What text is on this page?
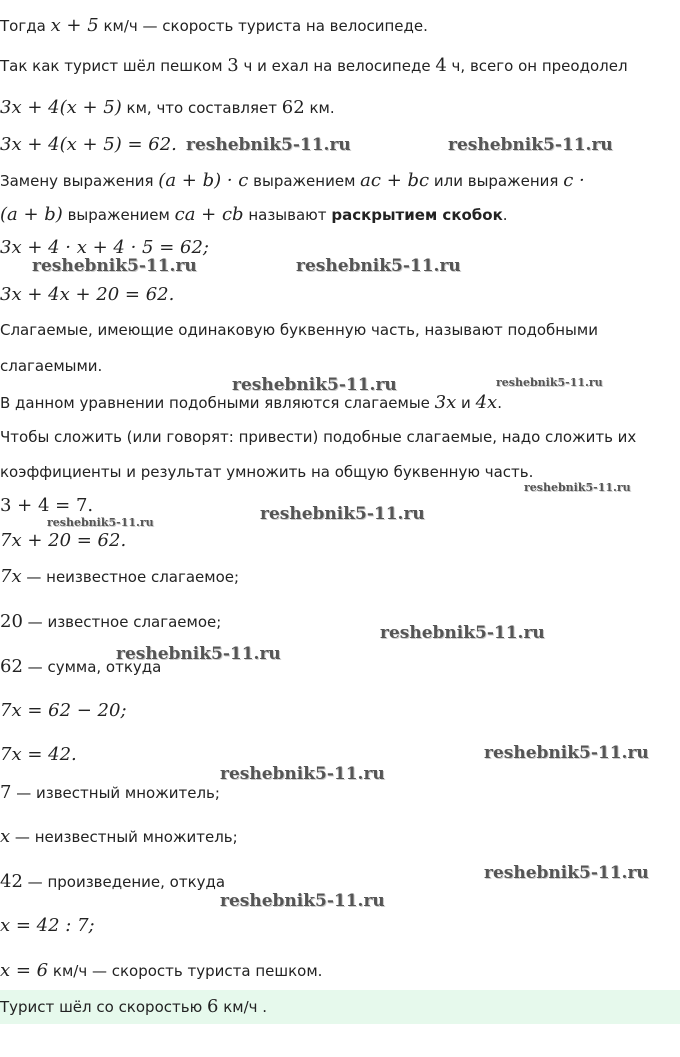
Тогда x + 5 км/ч — скорость туриста на велосипеде.
Так как турист шёл пешком 3 ч и ехал на велосипеде 4 ч, всего он преодолел
3x + 4(x + 5) км, что составляет 62 км.
3x + 4(x + 5) = 62.
Замену выражения (a + b) · c выражением ac + bc или выражения c ·
(a + b) выражением ca + cb называют раскрытием скобок.
3x + 4 · x + 4 · 5 = 62;
3x + 4x + 20 = 62.
Слагаемые, имеющие одинаковую буквенную часть, называют подобными
слагаемыми.
В данном уравнении подобными являются слагаемые 3x и 4x.
Чтобы сложить (или говорят: привести) подобные слагаемые, надо сложить их
коэффициенты и результат умножить на общую буквенную часть.
3 + 4 = 7.
7x + 20 = 62.
7x — неизвестное слагаемое;
20 — известное слагаемое;
62 — сумма, откуда
7x = 62 − 20;
7x = 42.
7 — известный множитель;
x — неизвестный множитель;
42 — произведение, откуда
x = 42 : 7;
x = 6 км/ч — скорость туриста пешком.
Турист шёл со скоростью 6 км/ч .
reshebnik5-11.ru	reshebnik5-11.ru
reshebnik5-11.ru	reshebnik5-11.ru
reshebnik5-11.ru	reshebnik5-11.ru
reshebnik5-11.ru
reshebnik5-11.ru	reshebnik5-11.ru
reshebnik5-11.ru
reshebnik5-11.ru
reshebnik5-11.ru
reshebnik5-11.ru
reshebnik5-11.ru
reshebnik5-11.ru
